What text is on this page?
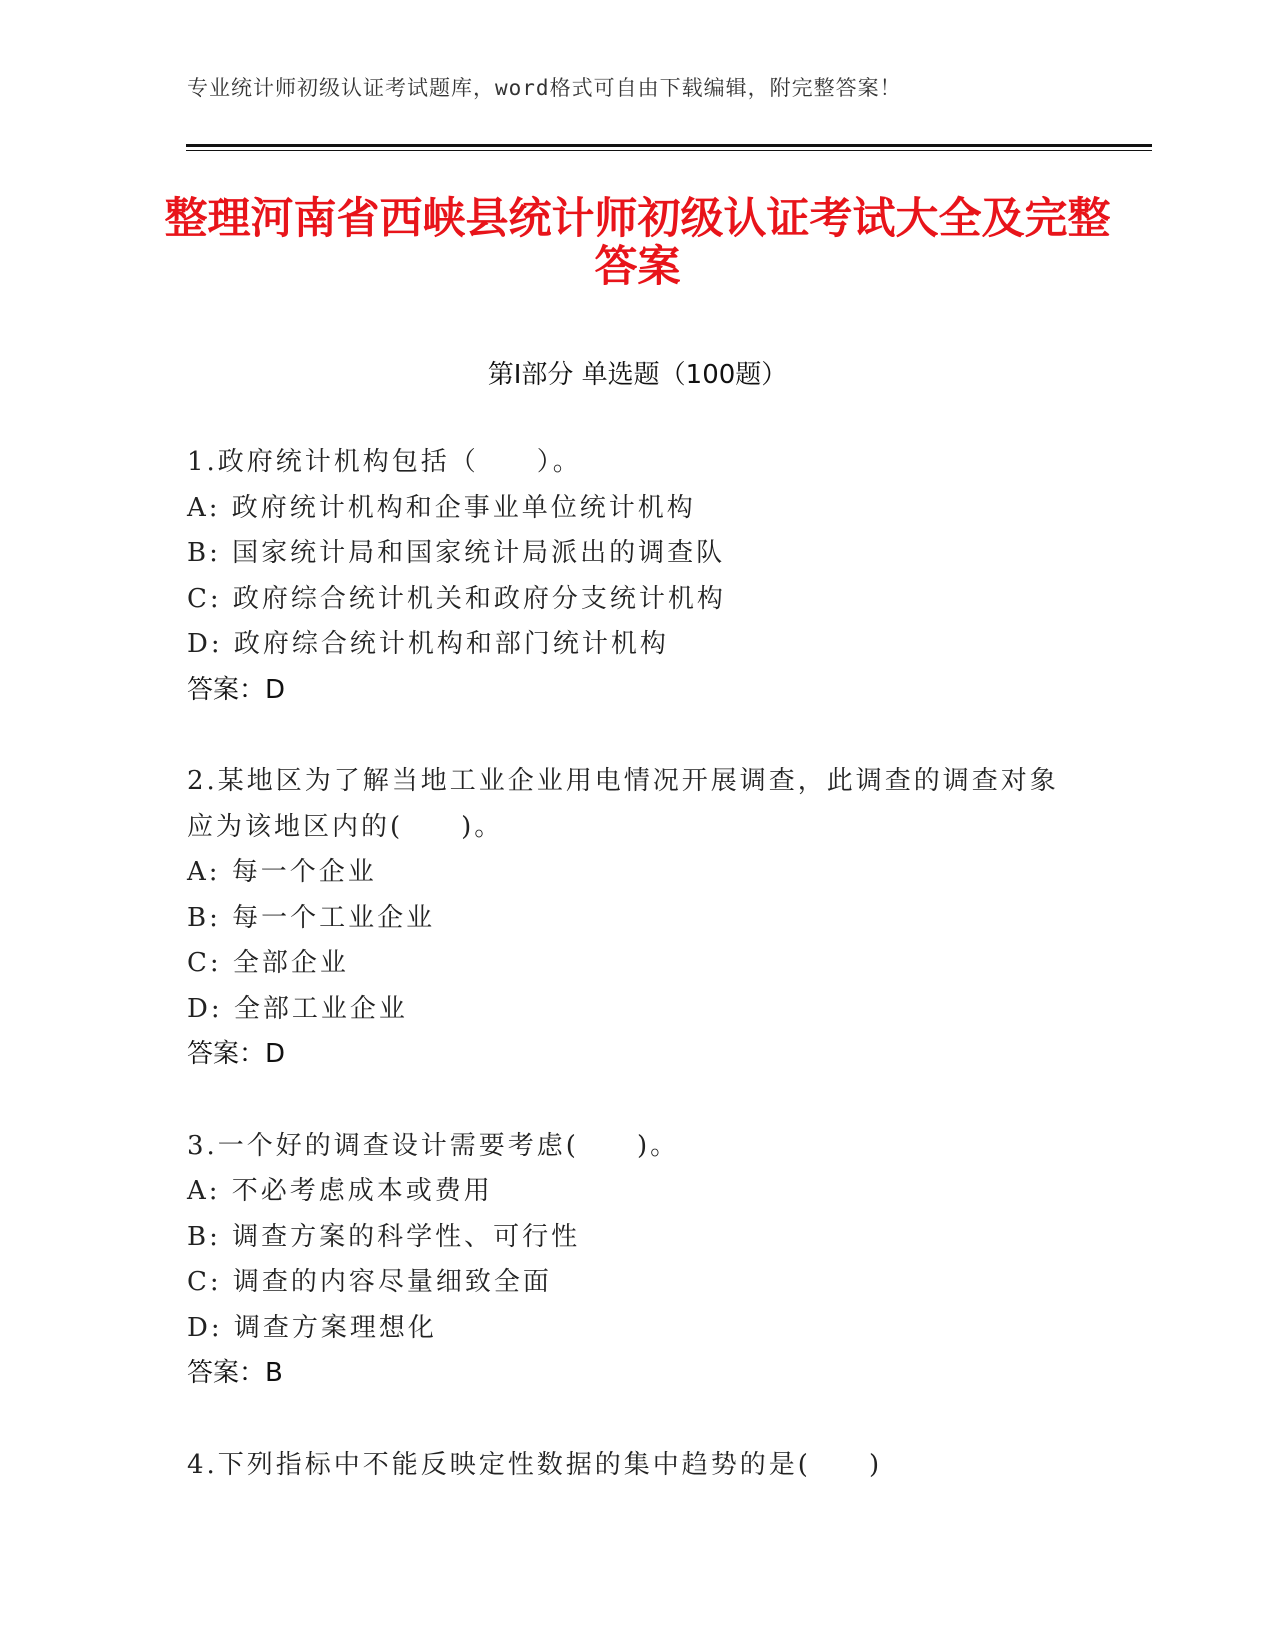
专业统计师初级认证考试题库，word格式可自由下载编辑，附完整答案！
整理河南省西峡县统计师初级认证考试大全及完整答案
第Ⅰ部分 单选题（100题）
1.政府统计机构包括（　　）。
A: 政府统计机构和企事业单位统计机构
B: 国家统计局和国家统计局派出的调查队
C: 政府综合统计机关和政府分支统计机构
D: 政府综合统计机构和部门统计机构
答案：D
2.某地区为了解当地工业企业用电情况开展调查，此调查的调查对象应为该地区内的(　　)。
A: 每一个企业
B: 每一个工业企业
C: 全部企业
D: 全部工业企业
答案：D
3.一个好的调查设计需要考虑(　　)。
A: 不必考虑成本或费用
B: 调查方案的科学性、可行性
C: 调查的内容尽量细致全面
D: 调查方案理想化
答案：B
4.下列指标中不能反映定性数据的集中趋势的是(　　)
